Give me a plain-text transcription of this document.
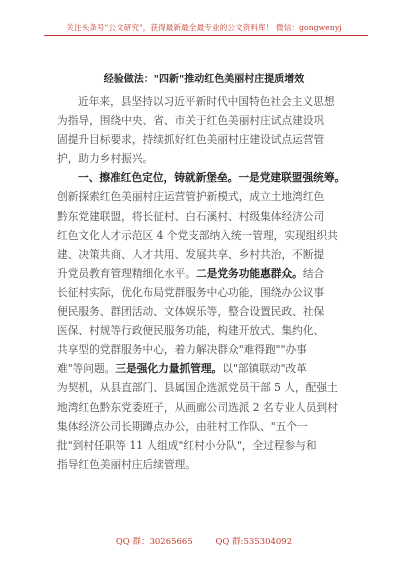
关注头条号"公文研究"，获得最新最全最专业的公文资料库！ 微信：gongwenyj
经验做法："四新"推动红色美丽村庄提质增效
近年来，县坚持以习近平新时代中国特色社会主义思想
为指导，围绕中央、省、市关于红色美丽村庄试点建设巩
固提升目标要求，持续抓好红色美丽村庄建设试点运营管
护，助力乡村振兴。
一、擦准红色定位，铸就新堡垒。一是党建联盟强统筹。
创新探索红色美丽村庄运营管护新模式，成立土地湾红色
黔东党建联盟，将长征村、白石溪村、村级集体经济公司
红色文化人才示范区 4 个党支部纳入统一管理，实现组织共
建、决策共商、人才共用、发展共享、乡村共治，不断提
升党员教育管理精细化水平。二是党务功能惠群众。结合
长征村实际，优化布局党群服务中心功能，围绕办公议事
便民服务、群团活动、文体娱乐等，整合设置民政、社保
医保、村规等行政便民服务功能，构建开放式、集约化、
共享型的党群服务中心，着力解决群众"难得跑""办事
难"等问题。三是强化力量抓管理。以"部镇联动"改革
为契机，从县直部门、县属国企选派党员干部 5 人，配强土
地湾红色黔东党委班子，从画廊公司选派 2 名专业人员到村
集体经济公司长期蹲点办公，由驻村工作队、"五个一
批"到村任职等 11 人组成"红村小分队"，全过程参与和
指导红色美丽村庄后续管理。
QQ 群：30265665	QQ 群:535304092
